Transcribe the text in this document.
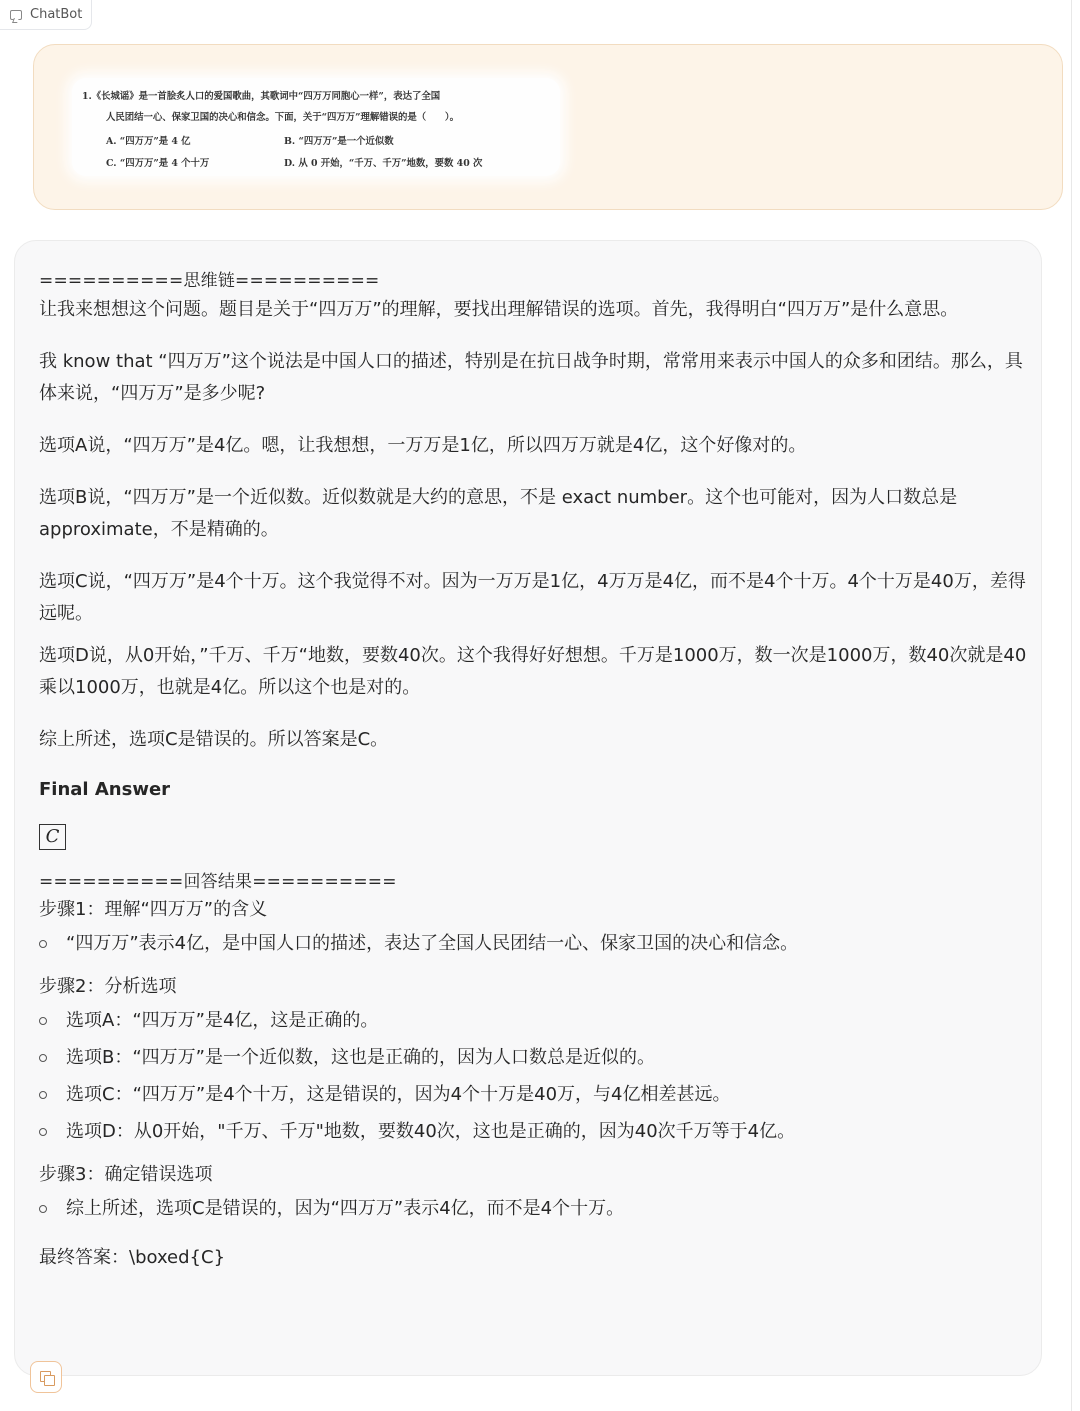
ChatBot
1.《长城谣》是一首脍炙人口的爱国歌曲，其歌词中“四万万同胞心一样”，表达了全国
人民团结一心、保家卫国的决心和信念。下面，关于“四万万”理解错误的是（　　）。
A. “四万万”是 4 亿	B. “四万万”是一个近似数
C. “四万万”是 4 个十万	D. 从 0 开始，“千万、千万”地数，要数 40 次

==========思维链==========

让我来想想这个问题。题目是关于“四万万”的理解，要找出理解错误的选项。首先，我得明白“四万万”是什么意思。

我 know that “四万万”这个说法是中国人口的描述，特别是在抗日战争时期，常常用来表示中国人的众多和团结。那么，具体来说，“四万万”是多少呢?

选项A说，“四万万”是4亿。嗯，让我想想，一万万是1亿，所以四万万就是4亿，这个好像对的。

选项B说，“四万万”是一个近似数。近似数就是大约的意思，不是 exact number。这个也可能对，因为人口数总是approximate，不是精确的。

选项C说，“四万万”是4个十万。这个我觉得不对。因为一万万是1亿，4万万是4亿，而不是4个十万。4个十万是40万，差得远呢。

选项D说，从0开始，”千万、千万“地数，要数40次。这个我得好好想想。千万是1000万，数一次是1000万，数40次就是40乘以1000万，也就是4亿。所以这个也是对的。

综上所述，选项C是错误的。所以答案是C。

Final Answer

C

==========回答结果==========

步骤1：理解“四万万”的含义

“四万万”表示4亿，是中国人口的描述，表达了全国人民团结一心、保家卫国的决心和信念。

步骤2：分析选项

选项A：“四万万”是4亿，这是正确的。
选项B：“四万万”是一个近似数，这也是正确的，因为人口数总是近似的。
选项C：“四万万”是4个十万，这是错误的，因为4个十万是40万，与4亿相差甚远。
选项D：从0开始，"千万、千万"地数，要数40次，这也是正确的，因为40次千万等于4亿。

步骤3：确定错误选项

综上所述，选项C是错误的，因为“四万万”表示4亿，而不是4个十万。

最终答案：\boxed{C}
